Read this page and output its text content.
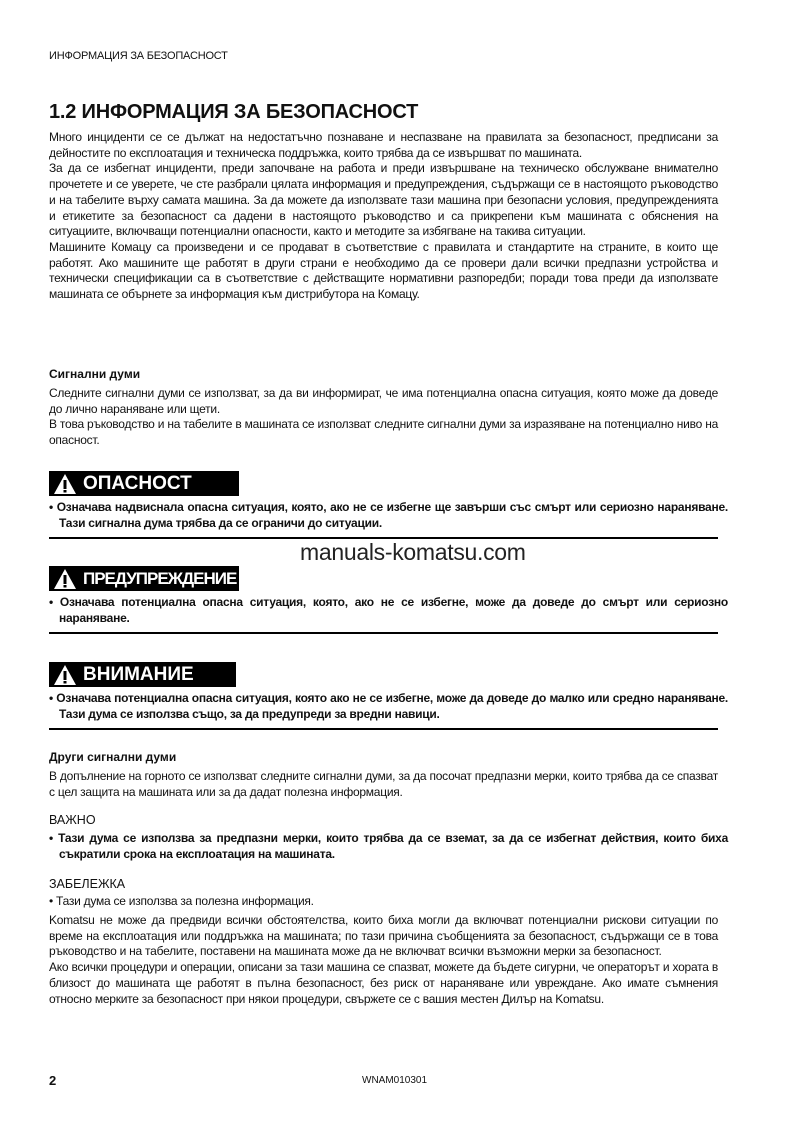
ИНФОРМАЦИЯ ЗА БЕЗОПАСНОСТ
1.2 ИНФОРМАЦИЯ ЗА БЕЗОПАСНОСТ

Много инциденти се се дължат на недостатъчно познаване и неспазване на правилата за безопасност, предписани за дейностите по експлоатация и техническа поддръжка, които трябва да се извършват по машината.

За да се избегнат инциденти, преди започване на работа и преди извършване на техническо обслужване внимателно прочетете и се уверете, че сте разбрали цялата информация и предупреждения, съдържащи се в настоящото ръководство и на табелите върху самата машина. За да можете да използвате тази машина при безопасни условия, предупрежденията и етикетите за безопасност са дадени в настоящото ръководство и са прикрепени към машината с обяснения на ситуациите, включващи потенциални опасности, както и методите за избягване на такива ситуации.

Машините Комацу са произведени и се продават в съответствие с правилата и стандартите на страните, в които ще работят. Ако машините ще работят в други страни е необходимо да се провери дали всички предпазни устройства и технически спецификации са в съответствие с действащите нормативни разпоредби; поради това преди да използвате машината се обърнете за информация към дистрибутора на Комацу.

Сигнални думи

Следните сигнални думи се използват, за да ви информират, че има потенциална опасна ситуация, която може да доведе до лично нараняване или щети.

В това ръководство и на табелите в машината се използват следните сигнални думи за изразяване на потенциално ниво на опасност.

ОПАСНОСТ
• Означава надвиснала опасна ситуация, която, ако не се избегне ще завърши със смърт или сериозно нараняване. Тази сигнална дума трябва да се ограничи до ситуации.
manuals-komatsu.com
ПРЕДУПРЕЖДЕНИЕ
• Означава потенциална опасна ситуация, която, ако не се избегне, може да доведе до смърт или сериозно нараняване.
ВНИМАНИЕ
• Означава потенциална опасна ситуация, която ако не се избегне, може да доведе до малко или средно нараняване. Тази дума се използва също, за да предупреди за вредни навици.
Други сигнални думи

В допълнение на горното се използват следните сигнални думи, за да посочат предпазни мерки, които трябва да се спазват с цел защита на машината или за да дадат полезна информация.

ВАЖНО
• Тази дума се използва за предпазни мерки, които трябва да се вземат, за да се избегнат действия, които биха съкратили срока на експлоатация на машината.
ЗАБЕЛЕЖКА
• Тази дума се използва за полезна информация.

Komatsu не може да предвиди всички обстоятелства, които биха могли да включват потенциални рискови ситуации по време на експлоатация или поддръжка на машината; по тази причина съобщенията за безопасност, съдържащи се в това ръководство и на табелите, поставени на машината може да не включват всички възможни мерки за безопасност.

Ако всички процедури и операции, описани за тази машина се спазват, можете да бъдете сигурни, че операторът и хората в близост до машината ще работят в пълна безопасност, без риск от нараняване или увреждане. Ако имате съмнения относно мерките за безопасност при някои процедури, свържете се с вашия местен Дилър на Komatsu.

2	WNAM010301
